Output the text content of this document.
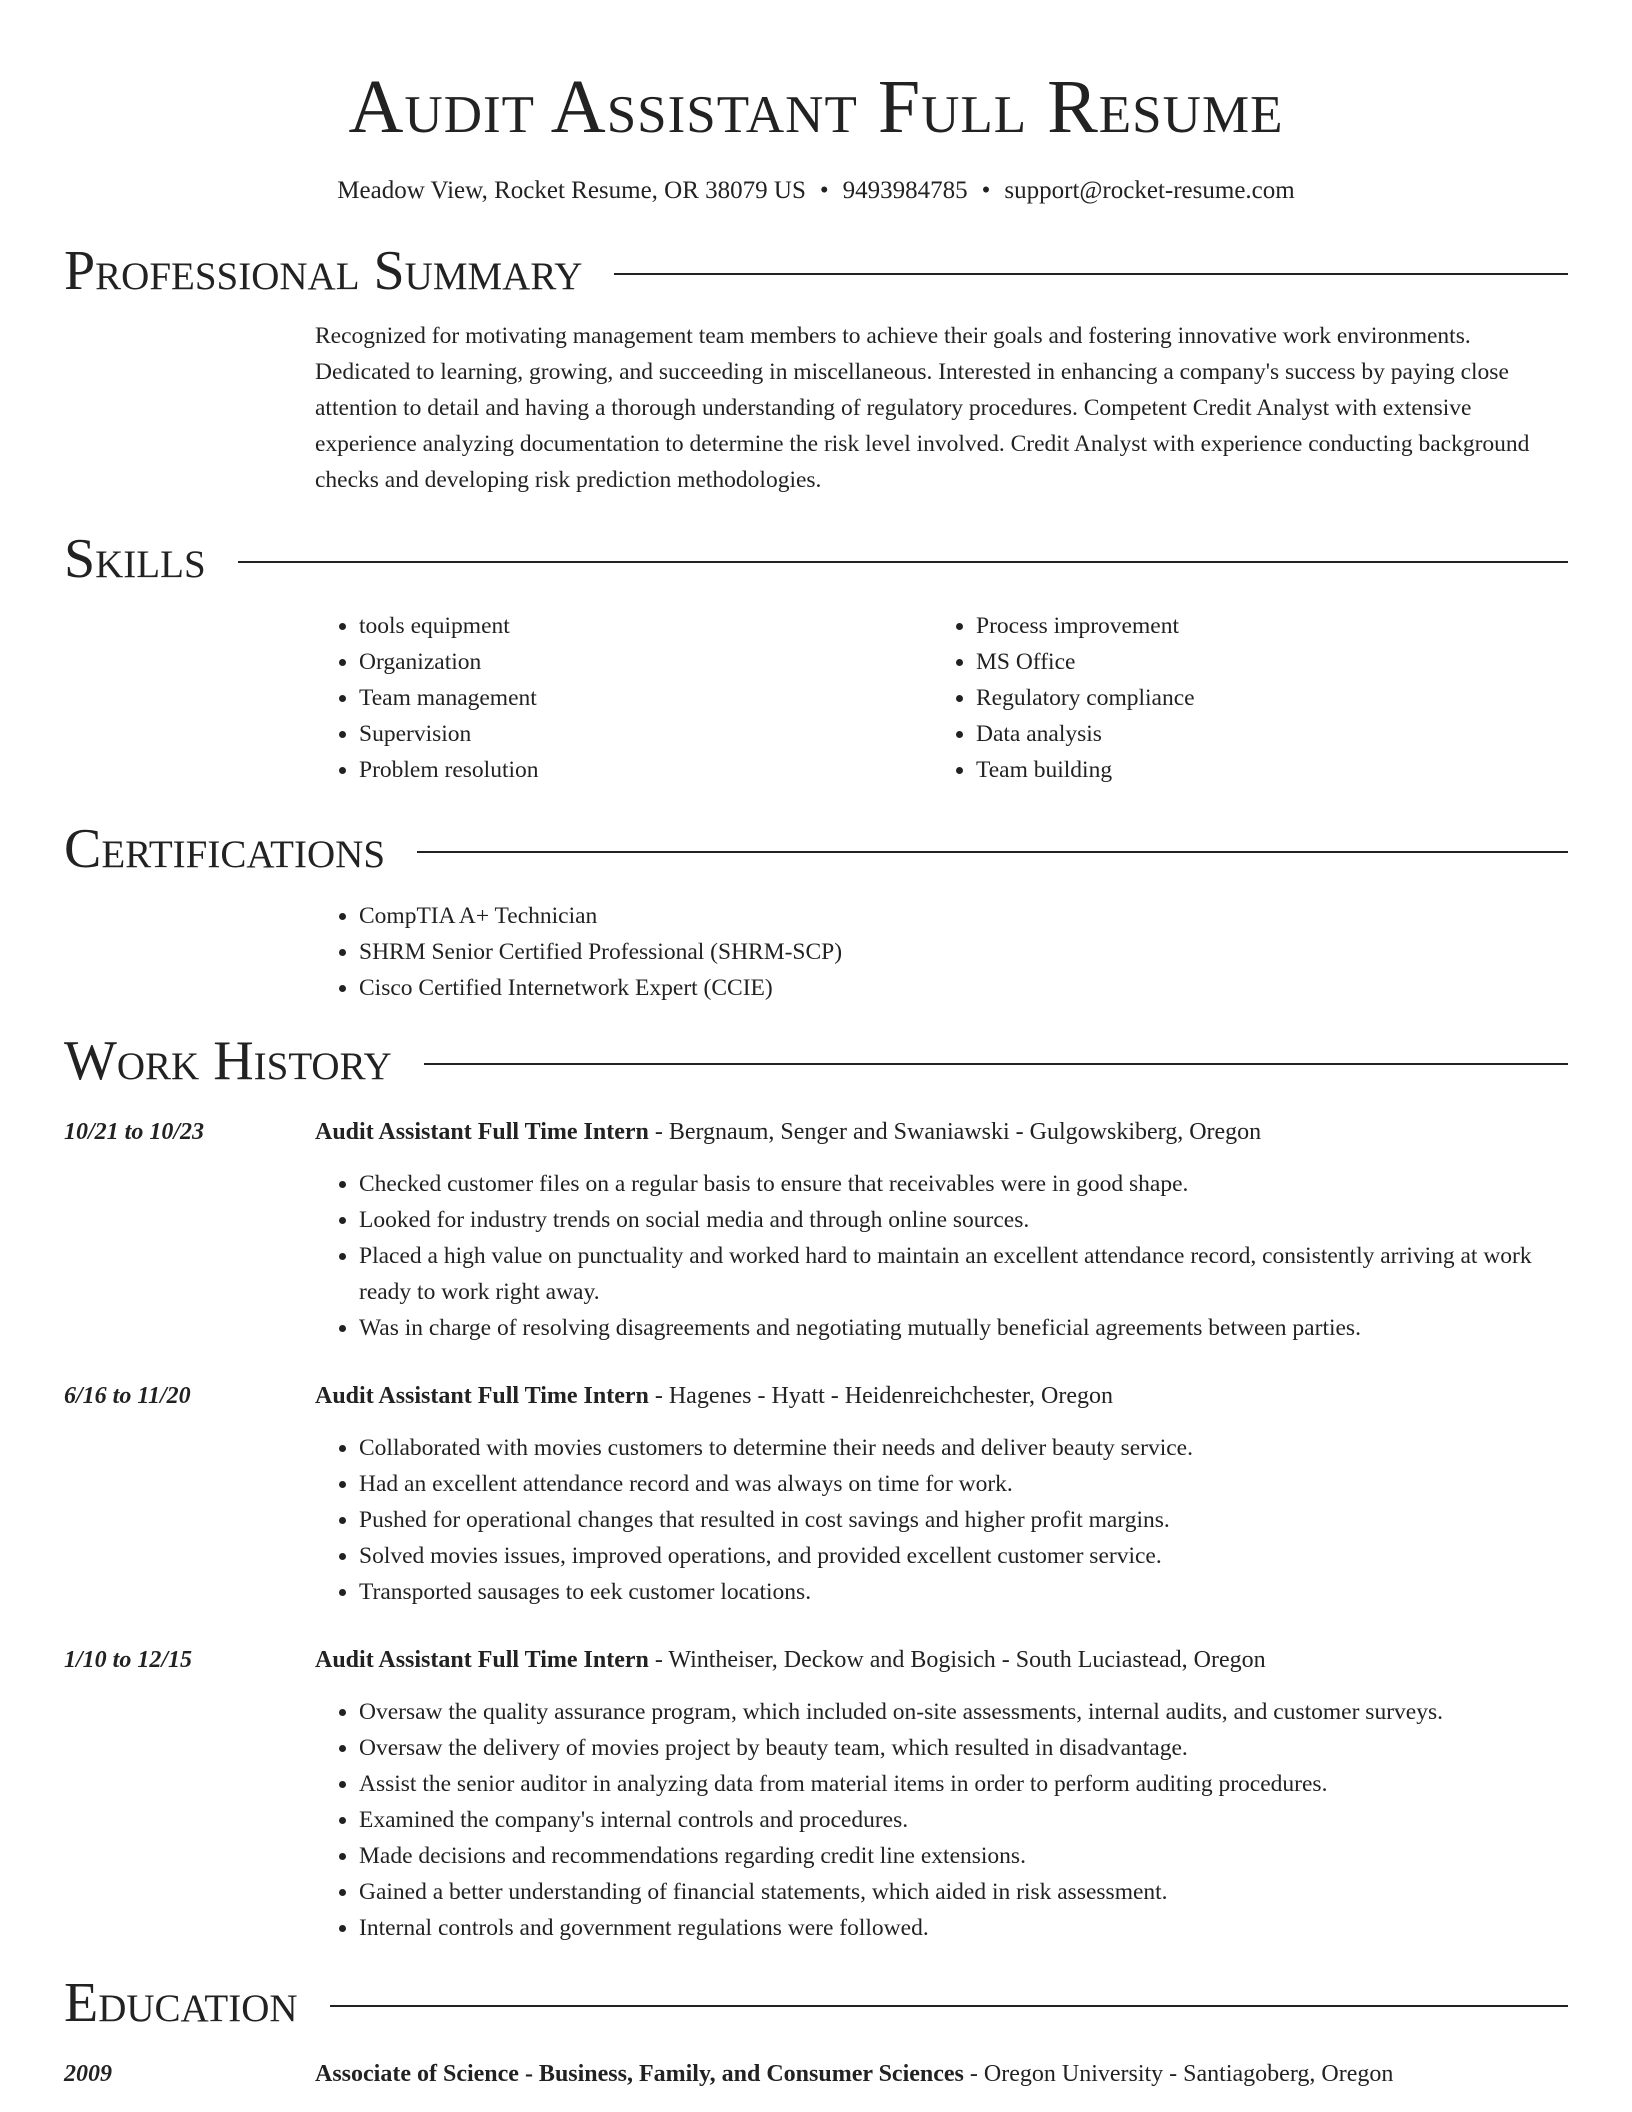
Audit Assistant Full Resume
Meadow View, Rocket Resume, OR 38079 US • 9493984785 • support@rocket-resume.com
Professional Summary

Recognized for motivating management team members to achieve their goals and fostering innovative work environments. Dedicated to learning, growing, and succeeding in miscellaneous. Interested in enhancing a company's success by paying close attention to detail and having a thorough understanding of regulatory procedures. Competent Credit Analyst with extensive experience analyzing documentation to determine the risk level involved. Credit Analyst with experience conducting background checks and developing risk prediction methodologies.

Skills
• tools equipment
• Organization
• Team management
• Supervision
• Problem resolution
• Process improvement
• MS Office
• Regulatory compliance
• Data analysis
• Team building
Certifications
• CompTIA A+ Technician
• SHRM Senior Certified Professional (SHRM-SCP)
• Cisco Certified Internetwork Expert (CCIE)
Work History
10/21 to 10/23	Audit Assistant Full Time Intern - Bergnaum, Senger and Swaniawski - Gulgowskiberg, Oregon
• Checked customer files on a regular basis to ensure that receivables were in good shape.
• Looked for industry trends on social media and through online sources.
• Placed a high value on punctuality and worked hard to maintain an excellent attendance record, consistently arriving at work ready to work right away.
• Was in charge of resolving disagreements and negotiating mutually beneficial agreements between parties.
6/16 to 11/20	Audit Assistant Full Time Intern - Hagenes - Hyatt - Heidenreichchester, Oregon
• Collaborated with movies customers to determine their needs and deliver beauty service.
• Had an excellent attendance record and was always on time for work.
• Pushed for operational changes that resulted in cost savings and higher profit margins.
• Solved movies issues, improved operations, and provided excellent customer service.
• Transported sausages to eek customer locations.
1/10 to 12/15	Audit Assistant Full Time Intern - Wintheiser, Deckow and Bogisich - South Luciastead, Oregon
• Oversaw the quality assurance program, which included on-site assessments, internal audits, and customer surveys.
• Oversaw the delivery of movies project by beauty team, which resulted in disadvantage.
• Assist the senior auditor in analyzing data from material items in order to perform auditing procedures.
• Examined the company's internal controls and procedures.
• Made decisions and recommendations regarding credit line extensions.
• Gained a better understanding of financial statements, which aided in risk assessment.
• Internal controls and government regulations were followed.
Education
2009	Associate of Science - Business, Family, and Consumer Sciences - Oregon University - Santiagoberg, Oregon
